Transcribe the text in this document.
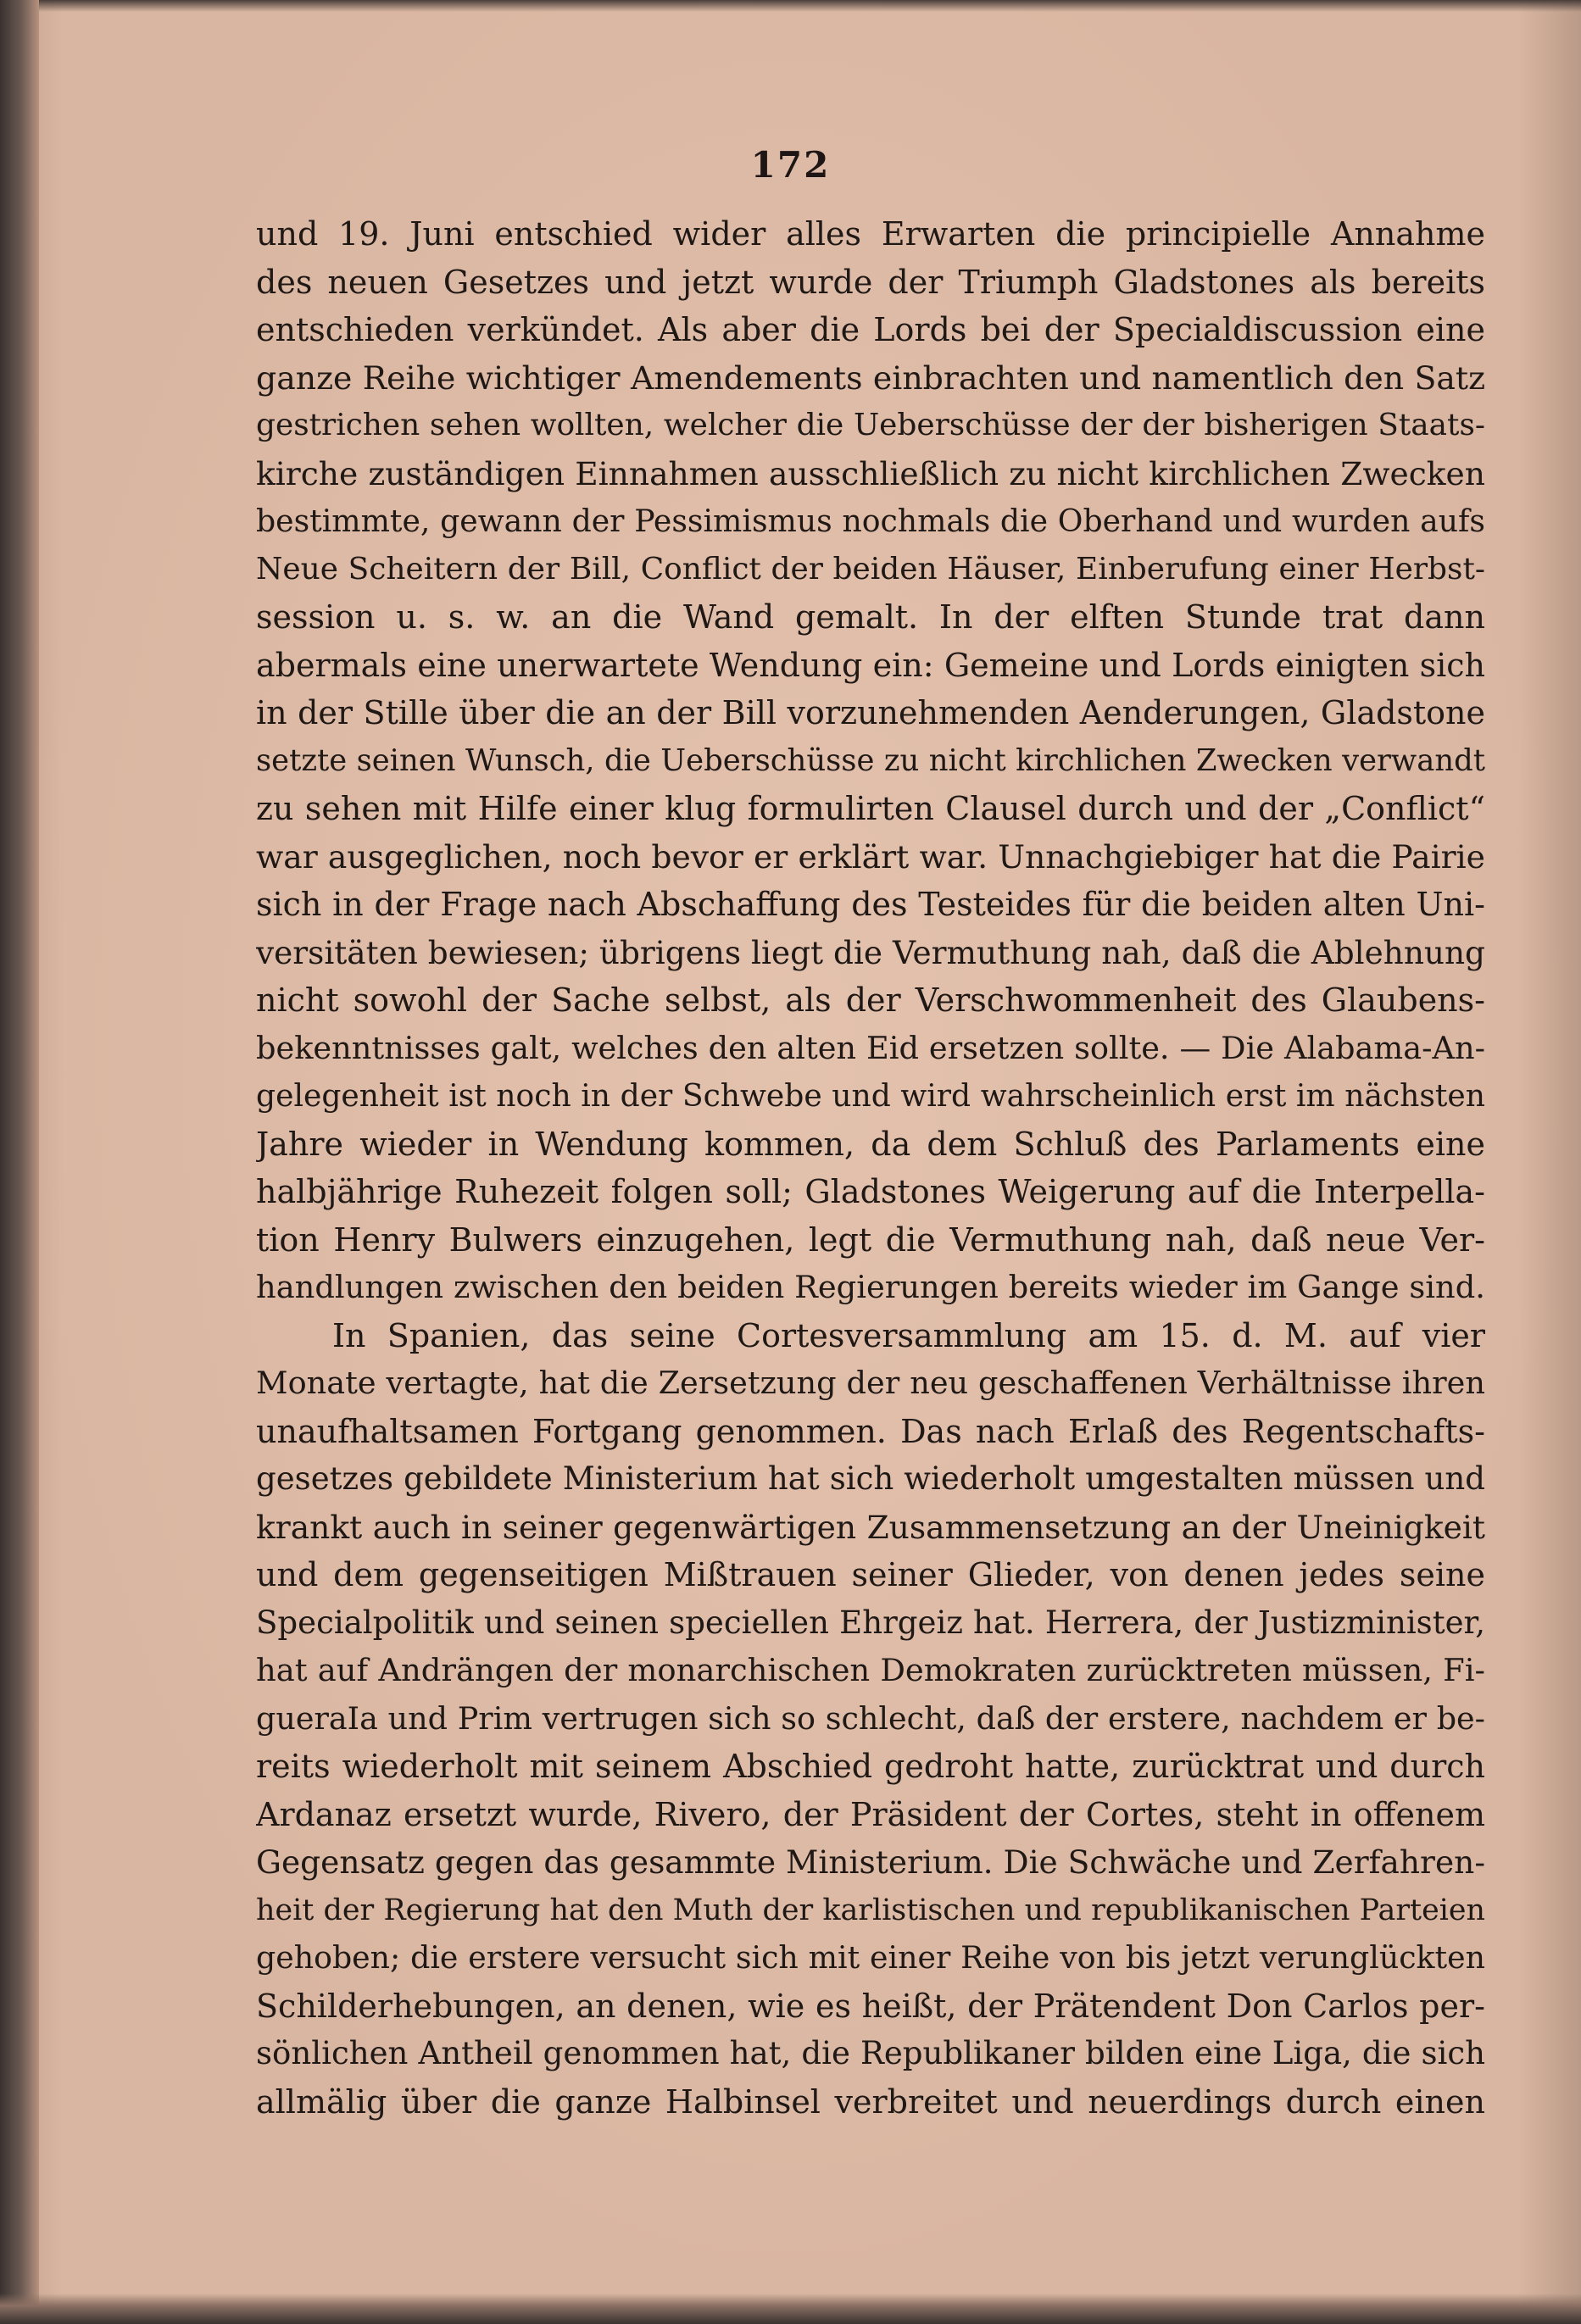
172
und 19. Juni entschied wider alles Erwarten die principielle Annahme
des neuen Gesetzes und jetzt wurde der Triumph Gladstones als bereits
entschieden verkündet. Als aber die Lords bei der Specialdiscussion eine
ganze Reihe wichtiger Amendements einbrachten und namentlich den Satz
gestrichen sehen wollten, welcher die Ueberschüsse der der bisherigen Staats-
kirche zuständigen Einnahmen ausschließlich zu nicht kirchlichen Zwecken
bestimmte, gewann der Pessimismus nochmals die Oberhand und wurden aufs
Neue Scheitern der Bill, Conflict der beiden Häuser, Einberufung einer Herbst-
session u. s. w. an die Wand gemalt. In der elften Stunde trat dann
abermals eine unerwartete Wendung ein: Gemeine und Lords einigten sich
in der Stille über die an der Bill vorzunehmenden Aenderungen, Gladstone
setzte seinen Wunsch, die Ueberschüsse zu nicht kirchlichen Zwecken verwandt
zu sehen mit Hilfe einer klug formulirten Clausel durch und der „Conflict“
war ausgeglichen, noch bevor er erklärt war. Unnachgiebiger hat die Pairie
sich in der Frage nach Abschaffung des Testeides für die beiden alten Uni-
versitäten bewiesen; übrigens liegt die Vermuthung nah, daß die Ablehnung
nicht sowohl der Sache selbst, als der Verschwommenheit des Glaubens-
bekenntnisses galt, welches den alten Eid ersetzen sollte. — Die Alabama-An-
gelegenheit ist noch in der Schwebe und wird wahrscheinlich erst im nächsten
Jahre wieder in Wendung kommen, da dem Schluß des Parlaments eine
halbjährige Ruhezeit folgen soll; Gladstones Weigerung auf die Interpella-
tion Henry Bulwers einzugehen, legt die Vermuthung nah, daß neue Ver-
handlungen zwischen den beiden Regierungen bereits wieder im Gange sind.
In Spanien, das seine Cortesversammlung am 15. d. M. auf vier
Monate vertagte, hat die Zersetzung der neu geschaffenen Verhältnisse ihren
unaufhaltsamen Fortgang genommen. Das nach Erlaß des Regentschafts-
gesetzes gebildete Ministerium hat sich wiederholt umgestalten müssen und
krankt auch in seiner gegenwärtigen Zusammensetzung an der Uneinigkeit
und dem gegenseitigen Mißtrauen seiner Glieder, von denen jedes seine
Specialpolitik und seinen speciellen Ehrgeiz hat. Herrera, der Justizminister,
hat auf Andrängen der monarchischen Demokraten zurücktreten müssen, Fi-
gueraIa und Prim vertrugen sich so schlecht, daß der erstere, nachdem er be-
reits wiederholt mit seinem Abschied gedroht hatte, zurücktrat und durch
Ardanaz ersetzt wurde, Rivero, der Präsident der Cortes, steht in offenem
Gegensatz gegen das gesammte Ministerium. Die Schwäche und Zerfahren-
heit der Regierung hat den Muth der karlistischen und republikanischen Parteien
gehoben; die erstere versucht sich mit einer Reihe von bis jetzt verunglückten
Schilderhebungen, an denen, wie es heißt, der Prätendent Don Carlos per-
sönlichen Antheil genommen hat, die Republikaner bilden eine Liga, die sich
allmälig über die ganze Halbinsel verbreitet und neuerdings durch einen
